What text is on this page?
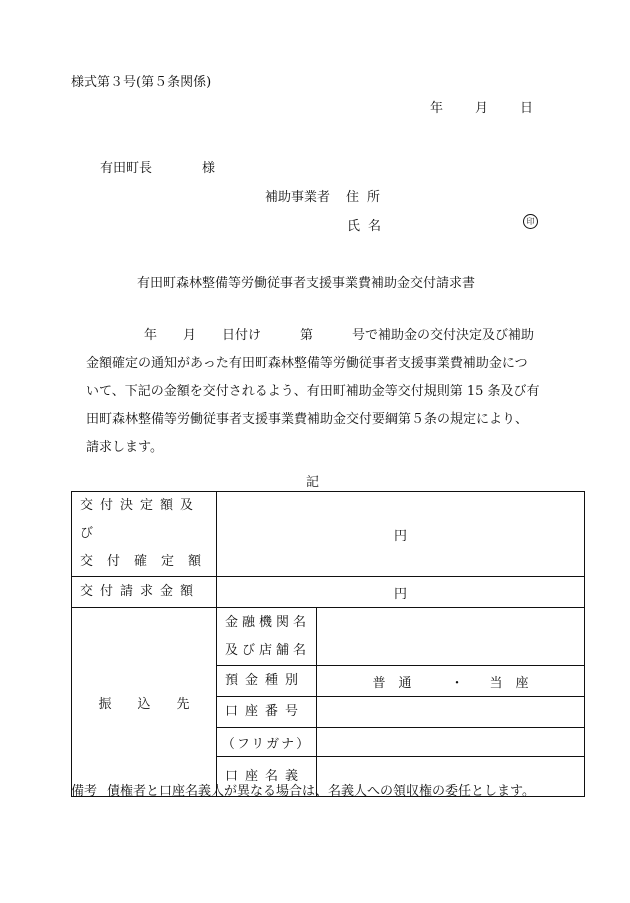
様式第３号(第５条関係)
年 月 日
有田町長	様
補助事業者 住所
氏名	印
有田町森林整備等労働従事者支援事業費補助金交付請求書
年　　月　　日付け　　　第　　　号で補助金の交付決定及び補助
金額確定の通知があった有田町森林整備等労働従事者支援事業費補助金につ
いて、下記の金額を交付されるよう、有田町補助金等交付規則第 15 条及び有
田町森林整備等労働従事者支援事業費補助金交付要綱第５条の規定により、
請求します。
記
交付決定額及び
交付確定額	円	
交付請求金額	円	
振　　込　　先	金融機関名
及び店舗名	

	預金種別	普　通　　　・　　当　座
	口座番号	
	（フリガナ）	
	口座名義	
備考 債権者と口座名義人が異なる場合は、名義人への領収権の委任とします。
